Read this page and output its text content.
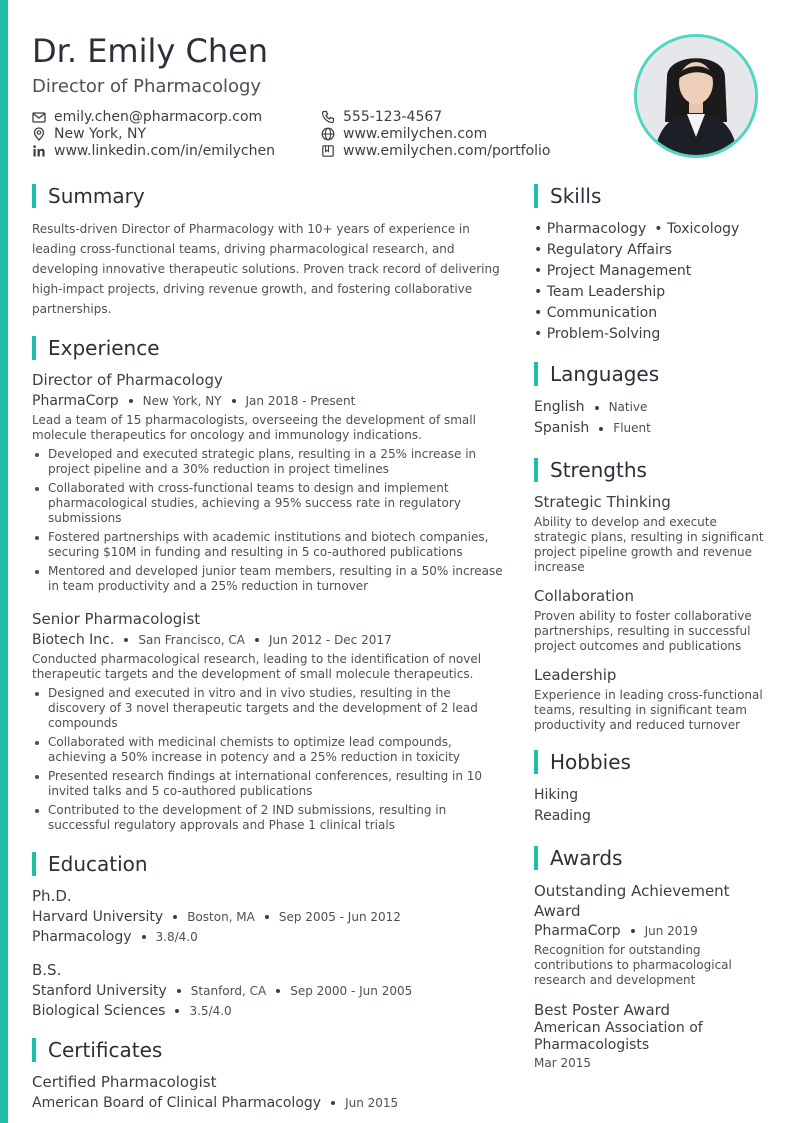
Dr. Emily Chen
Director of Pharmacology
emily.chen@pharmacorp.com	555-123-4567
New York, NY	www.emilychen.com
www.linkedin.com/in/emilychen	www.emilychen.com/portfolio
Summary
Results-driven Director of Pharmacology with 10+ years of experience in leading cross-functional teams, driving pharmacological research, and developing innovative therapeutic solutions. Proven track record of delivering high-impact projects, driving revenue growth, and fostering collaborative partnerships.
Experience
Director of Pharmacology
PharmaCorp New York, NY Jan 2018 - Present
Lead a team of 15 pharmacologists, overseeing the development of small molecule therapeutics for oncology and immunology indications.
Developed and executed strategic plans, resulting in a 25% increase in project pipeline and a 30% reduction in project timelines
Collaborated with cross-functional teams to design and implement pharmacological studies, achieving a 95% success rate in regulatory submissions
Fostered partnerships with academic institutions and biotech companies, securing $10M in funding and resulting in 5 co-authored publications
Mentored and developed junior team members, resulting in a 50% increase in team productivity and a 25% reduction in turnover
Senior Pharmacologist
Biotech Inc. San Francisco, CA Jun 2012 - Dec 2017
Conducted pharmacological research, leading to the identification of novel therapeutic targets and the development of small molecule therapeutics.
Designed and executed in vitro and in vivo studies, resulting in the discovery of 3 novel therapeutic targets and the development of 2 lead compounds
Collaborated with medicinal chemists to optimize lead compounds, achieving a 50% increase in potency and a 25% reduction in toxicity
Presented research findings at international conferences, resulting in 10 invited talks and 5 co-authored publications
Contributed to the development of 2 IND submissions, resulting in successful regulatory approvals and Phase 1 clinical trials
Education
Ph.D.
Harvard University Boston, MA Sep 2005 - Jun 2012
Pharmacology 3.8/4.0
B.S.
Stanford University Stanford, CA Sep 2000 - Jun 2005
Biological Sciences 3.5/4.0
Certificates
Certified Pharmacologist
American Board of Clinical Pharmacology Jun 2015
Skills
• Pharmacology • Toxicology
• Regulatory Affairs
• Project Management
• Team Leadership
• Communication
• Problem-Solving
Languages
English Native
Spanish Fluent
Strengths
Strategic Thinking
Ability to develop and execute strategic plans, resulting in significant project pipeline growth and revenue increase
Collaboration
Proven ability to foster collaborative partnerships, resulting in successful project outcomes and publications
Leadership
Experience in leading cross-functional teams, resulting in significant team productivity and reduced turnover
Hobbies
Hiking
Reading
Awards
Outstanding Achievement Award
PharmaCorp Jun 2019
Recognition for outstanding contributions to pharmacological research and development
Best Poster Award
American Association of Pharmacologists
Mar 2015
